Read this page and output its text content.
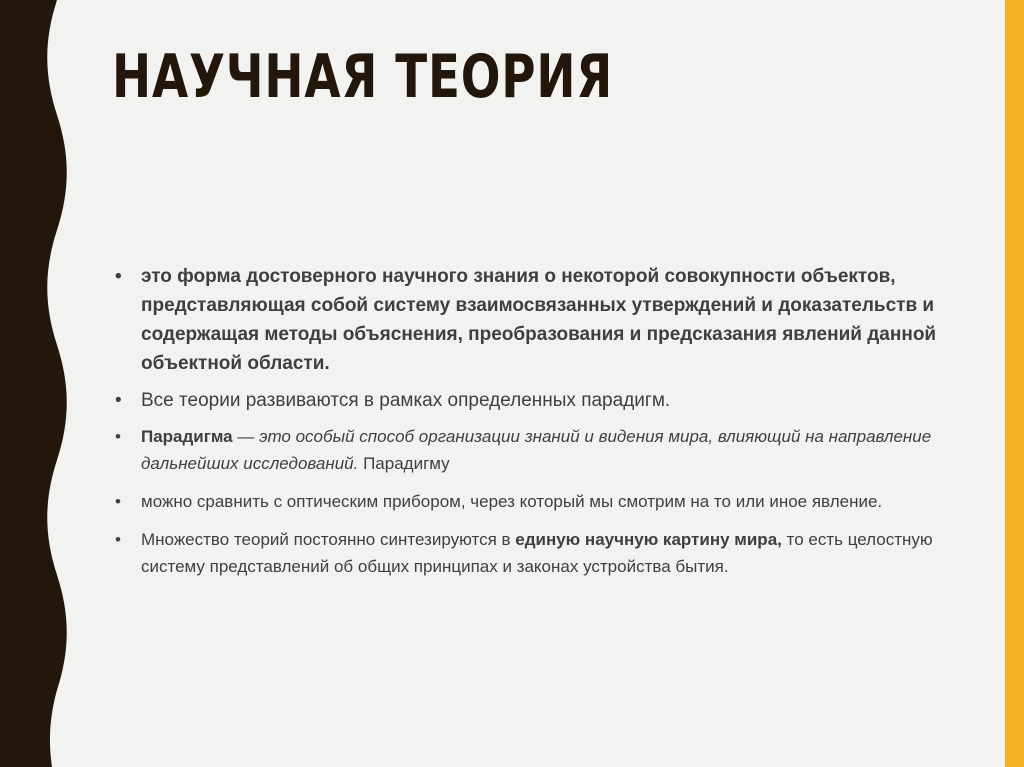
НАУЧНАЯ ТЕОРИЯ
• это форма достоверного научного знания о некоторой совокупности объектов, представляющая собой систему взаимосвязанных утверждений и доказательств и содержащая методы объяснения, преобразования и предсказания явлений данной объектной области.
• Все теории развиваются в рамках определенных парадигм.
• Парадигма — это особый способ организации знаний и видения мира, влияющий на направление дальнейших исследований. Парадигму
• можно сравнить с оптическим прибором, через который мы смотрим на то или иное явление.
• Множество теорий постоянно синтезируются в единую научную картину мира, то есть целостную систему представлений об общих принципах и законах устройства бытия.
